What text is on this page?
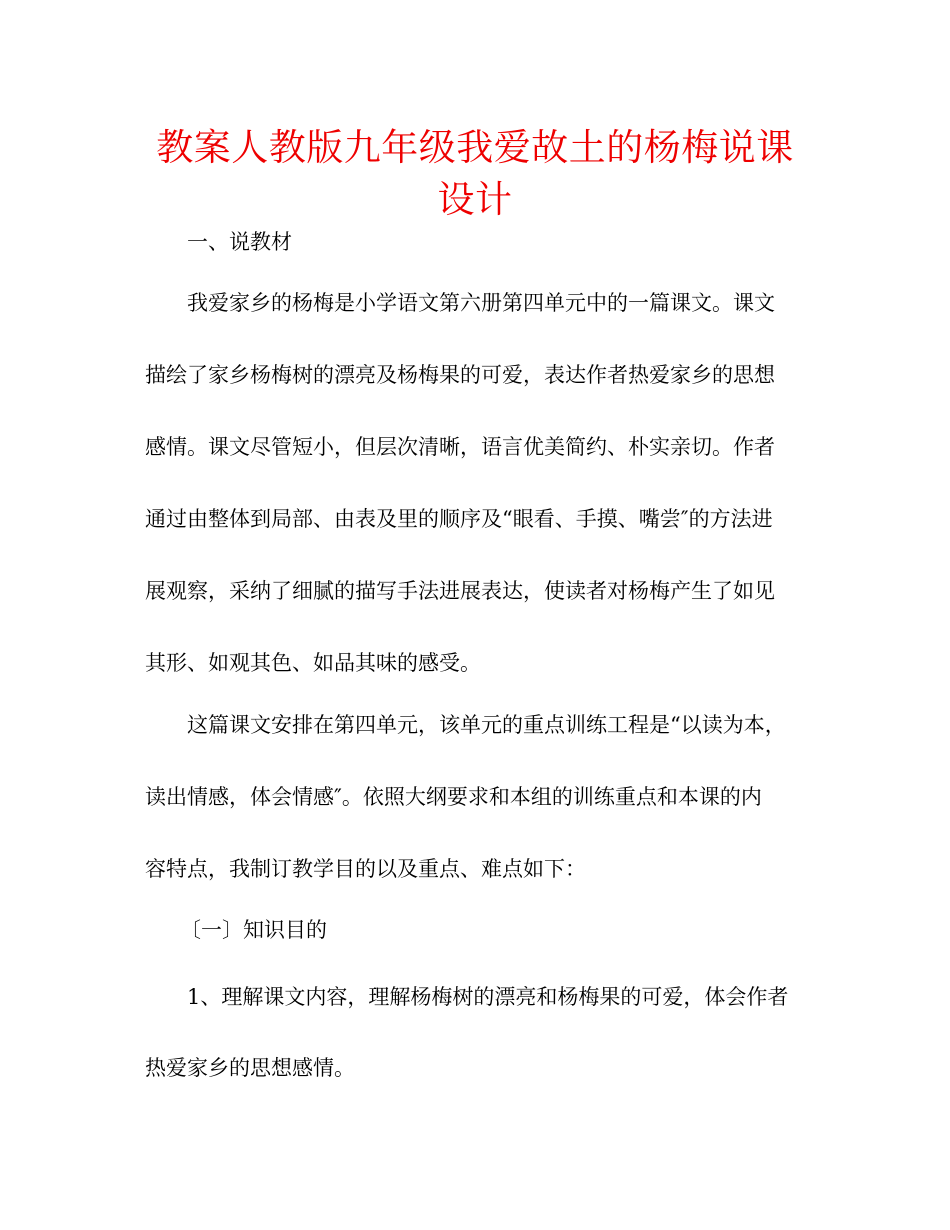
教案人教版九年级我爱故土的杨梅说课设计

一、说教材

我爱家乡的杨梅是小学语文第六册第四单元中的一篇课文。课文

描绘了家乡杨梅树的漂亮及杨梅果的可爱，表达作者热爱家乡的思想

感情。课文尽管短小，但层次清晰，语言优美简约、朴实亲切。作者

通过由整体到局部、由表及里的顺序及“眼看、手摸、嘴尝″的方法进

展观察，采纳了细腻的描写手法进展表达，使读者对杨梅产生了如见

其形、如观其色、如品其味的感受。

这篇课文安排在第四单元，该单元的重点训练工程是“以读为本，

读出情感，体会情感″。依照大纲要求和本组的训练重点和本课的内

容特点，我制订教学目的以及重点、难点如下：

〔一〕知识目的

1、理解课文内容，理解杨梅树的漂亮和杨梅果的可爱，体会作者

热爱家乡的思想感情。
